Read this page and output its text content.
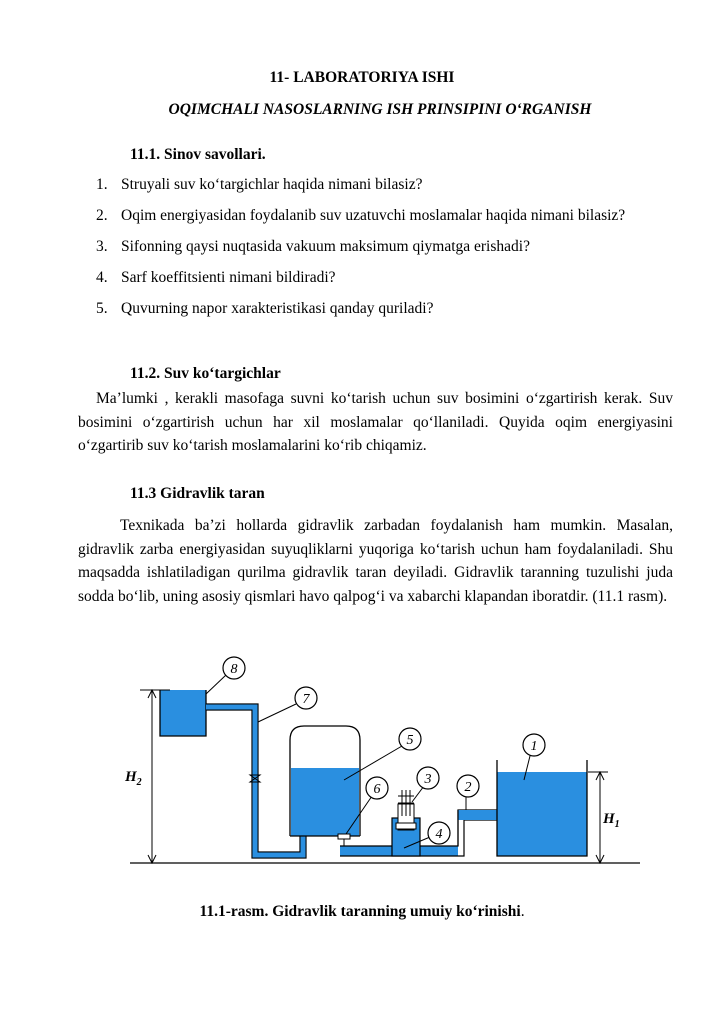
11- LABORATORIYA ISHI
OQIMCHALI NASOSLARNING ISH PRINSIPINI O‘RGANISH
11.1. Sinov savollari.
1. Struyali suv ko‘targichlar haqida nimani bilasiz?
2. Oqim energiyasidan foydalanib suv uzatuvchi moslamalar haqida nimani bilasiz?
3. Sifonning qaysi nuqtasida vakuum maksimum qiymatga erishadi?
4. Sarf koeffitsienti nimani bildiradi?
5. Quvurning napor xarakteristikasi qanday quriladi?
11.2. Suv ko‘targichlar

Ma’lumki , kerakli masofaga suvni ko‘tarish uchun suv bosimini o‘zgartirish kerak. Suv bosimini o‘zgartirish uchun har xil moslamalar qo‘llaniladi. Quyida oqim energiyasini o‘zgartirib suv ko‘tarish moslamalarini ko‘rib chiqamiz.

11.3 Gidravlik taran

Texnikada ba’zi hollarda gidravlik zarbadan foydalanish ham mumkin. Masalan, gidravlik zarba energiyasidan suyuqliklarni yuqoriga ko‘tarish uchun ham foydalaniladi. Shu maqsadda ishlatiladigan qurilma gidravlik taran deyiladi. Gidravlik taranning tuzulishi juda sodda bo‘lib, uning asosiy qismlari havo qalpog‘i va xabarchi klapandan iboratdir. (11.1 rasm).

$H_2$
$H_1$
8
7
5
6
3
4
2
1
11.1-rasm. Gidravlik taranning umuiy ko‘rinishi.
